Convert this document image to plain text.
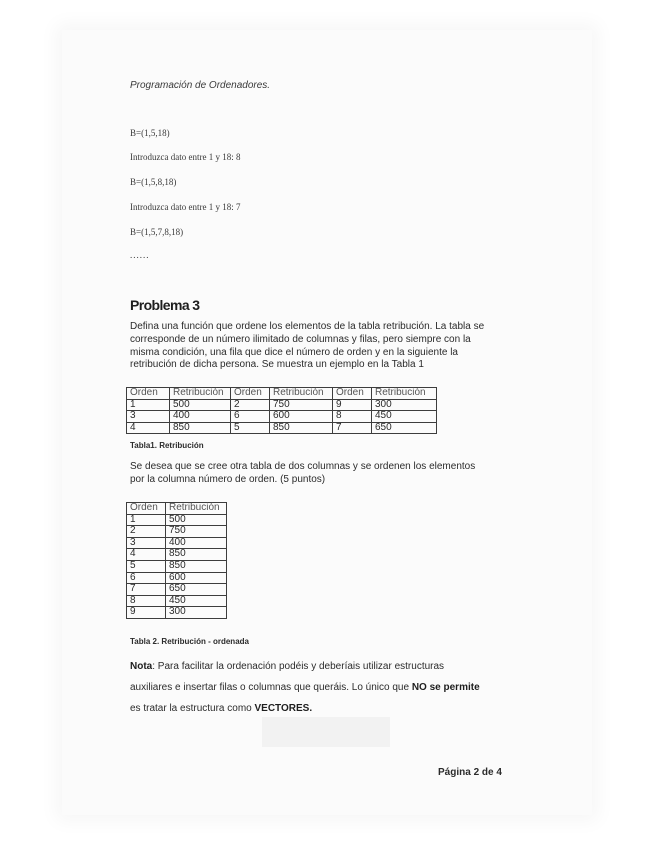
Programación de Ordenadores.
B=(1,5,18)
Introduzca dato entre 1 y 18: 8
B=(1,5,8,18)
Introduzca dato entre 1 y 18: 7
B=(1,5,7,8,18)
......
Problema 3
Defina una función que ordene los elementos de la tabla retribución. La tabla se
corresponde de un número ilimitado de columnas y filas, pero siempre con la
misma condición, una fila que dice el número de orden y en la siguiente la
retribución de dicha persona. Se muestra un ejemplo en la Tabla 1
Orden	Retribución	Orden	Retribución	Orden	Retribución
1	500	2	750	9	300
3	400	6	600	8	450
4	850	5	850	7	650
Tabla1. Retribución
Se desea que se cree otra tabla de dos columnas y se ordenen los elementos
por la columna número de orden. (5 puntos)
Orden	Retribución
1	500
2	750
3	400
4	850
5	850
6	600
7	650
8	450
9	300
Tabla 2. Retribución - ordenada
Nota: Para facilitar la ordenación podéis y deberíais utilizar estructuras
auxiliares e insertar filas o columnas que queráis. Lo único que NO se permite
es tratar la estructura como VECTORES.
Página 2 de 4
